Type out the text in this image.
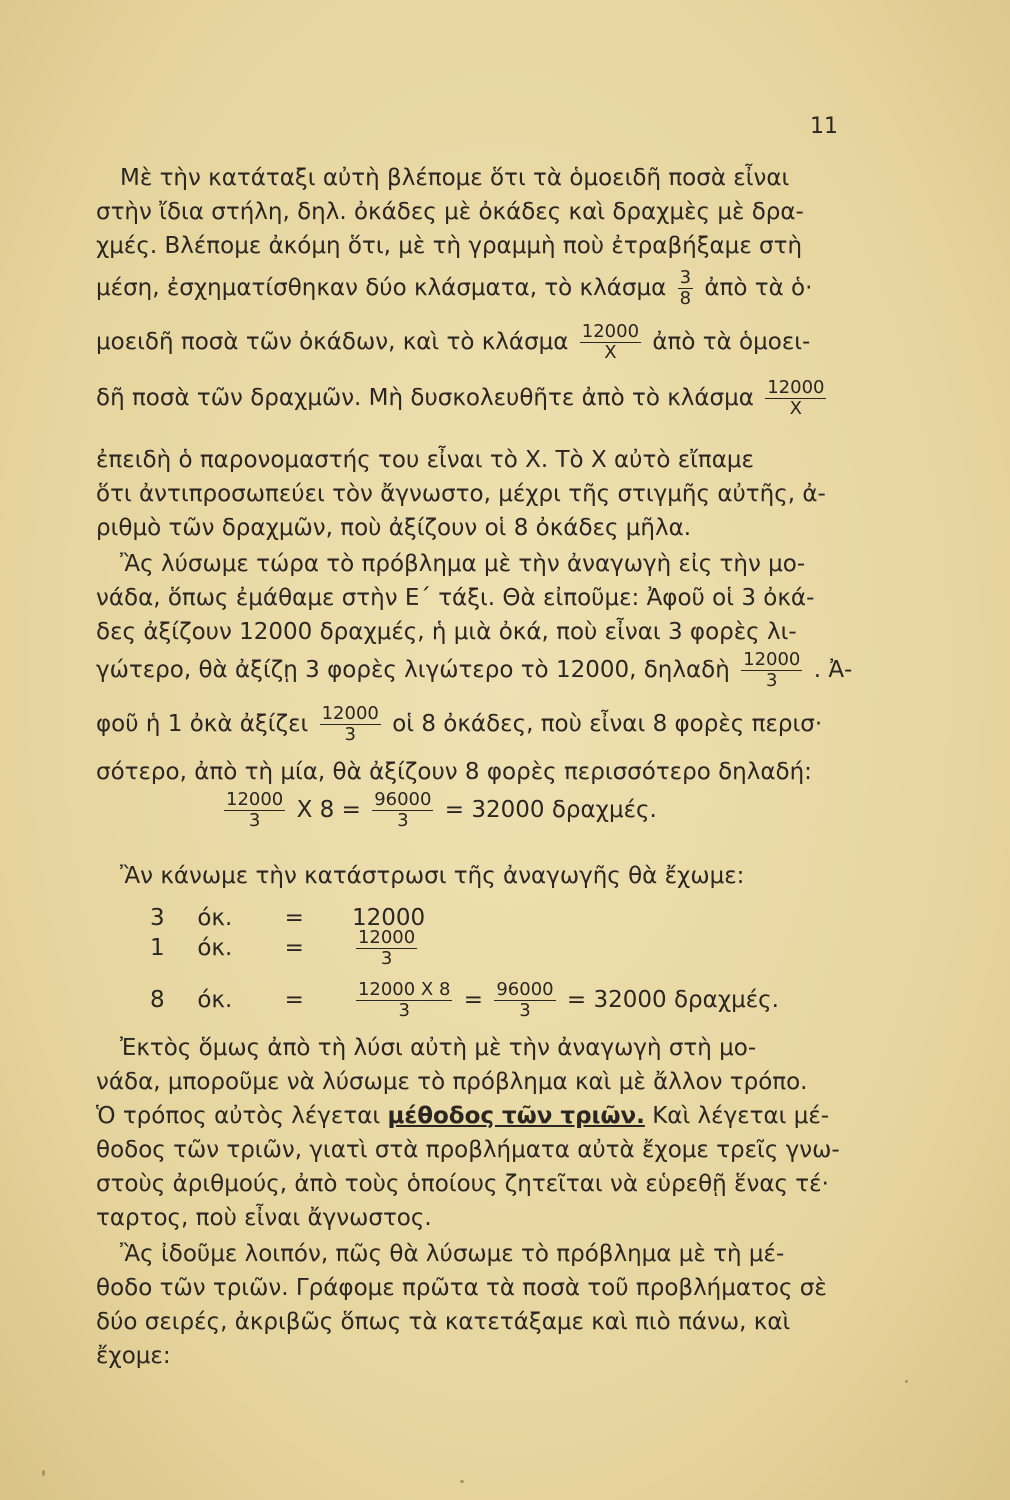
11
Μὲ τὴν κατάταξι αὐτὴ βλέπομε ὅτι τὰ ὁμοειδῆ ποσὰ εἶναι
στὴν ἴδια στήλη, δηλ. ὀκάδες μὲ ὀκάδες καὶ δραχμὲς μὲ δρα-
χμές. Βλέπομε ἀκόμη ὅτι, μὲ τὴ γραμμὴ ποὺ ἐτραβήξαμε στὴ
μέση, ἐσχηματίσθηκαν δύο κλάσματα, τὸ κλάσμα $\frac{3}{8}$ ἀπὸ τὰ ὁ·
μοειδῆ ποσὰ τῶν ὀκάδων, καὶ τὸ κλάσμα $\frac{12000}{X}$ ἀπὸ τὰ ὁμοει-
δῆ ποσὰ τῶν δραχμῶν. Μὴ δυσκολευθῆτε ἀπὸ τὸ κλάσμα $\frac{12000}{X}$
ἐπειδὴ ὁ παρονομαστής του εἶναι τὸ X. Τὸ X αὐτὸ εἴπαμε
ὅτι ἀντιπροσωπεύει τὸν ἄγνωστο, μέχρι τῆς στιγμῆς αὐτῆς, ἀ-
ριθμὸ τῶν δραχμῶν, ποὺ ἀξίζουν οἱ 8 ὀκάδες μῆλα.
Ἂς λύσωμε τώρα τὸ πρόβλημα μὲ τὴν ἀναγωγὴ εἰς τὴν μο-
νάδα, ὅπως ἐμάθαμε στὴν Ε΄ τάξι. Θὰ εἰποῦμε: Ἀφοῦ οἱ 3 ὀκά-
δες ἀξίζουν 12000 δραχμές, ἡ μιὰ ὀκά, ποὺ εἶναι 3 φορὲς λι-
γώτερο, θὰ ἀξίζῃ 3 φορὲς λιγώτερο τὸ 12000, δηλαδὴ $\frac{12000}{3}$ . Ἀ-
φοῦ ἡ 1 ὀκὰ ἀξίζει $\frac{12000}{3}$ οἱ 8 ὀκάδες, ποὺ εἶναι 8 φορὲς περισ·
σότερο, ἀπὸ τὴ μία, θὰ ἀξίζουν 8 φορὲς περισσότερο δηλαδή:
$\frac{12000}{3}$ X $8 = \frac{96000}{3} = 32000$ δραχμές.
Ἂν κάνωμε τὴν κατάστρωσι τῆς ἀναγωγῆς θὰ ἔχωμε:
3 όκ. = 12000
1 όκ. =	$\frac{12000}{3}$
8 όκ. =	$\frac{12000 X 8}{3} = \frac{96000}{3} = 32000$ δραχμές.
Ἐκτὸς ὅμως ἀπὸ τὴ λύσι αὐτὴ μὲ τὴν ἀναγωγὴ στὴ μο-
νάδα, μποροῦμε νὰ λύσωμε τὸ πρόβλημα καὶ μὲ ἄλλον τρόπο.
Ὁ τρόπος αὐτὸς λέγεται μέθοδος τῶν τριῶν. Καὶ λέγεται μέ-
θοδος τῶν τριῶν, γιατὶ στὰ προβλήματα αὐτὰ ἔχομε τρεῖς γνω-
στοὺς ἀριθμούς, ἀπὸ τοὺς ὁποίους ζητεῖται νὰ εὑρεθῇ ἕνας τέ·
ταρτος, ποὺ εἶναι ἄγνωστος.
Ἂς ἰδοῦμε λοιπόν, πῶς θὰ λύσωμε τὸ πρόβλημα μὲ τὴ μέ-
θοδο τῶν τριῶν. Γράφομε πρῶτα τὰ ποσὰ τοῦ προβλήματος σὲ
δύο σειρές, ἀκριβῶς ὅπως τὰ κατετάξαμε καὶ πιὸ πάνω, καὶ
ἔχομε:
